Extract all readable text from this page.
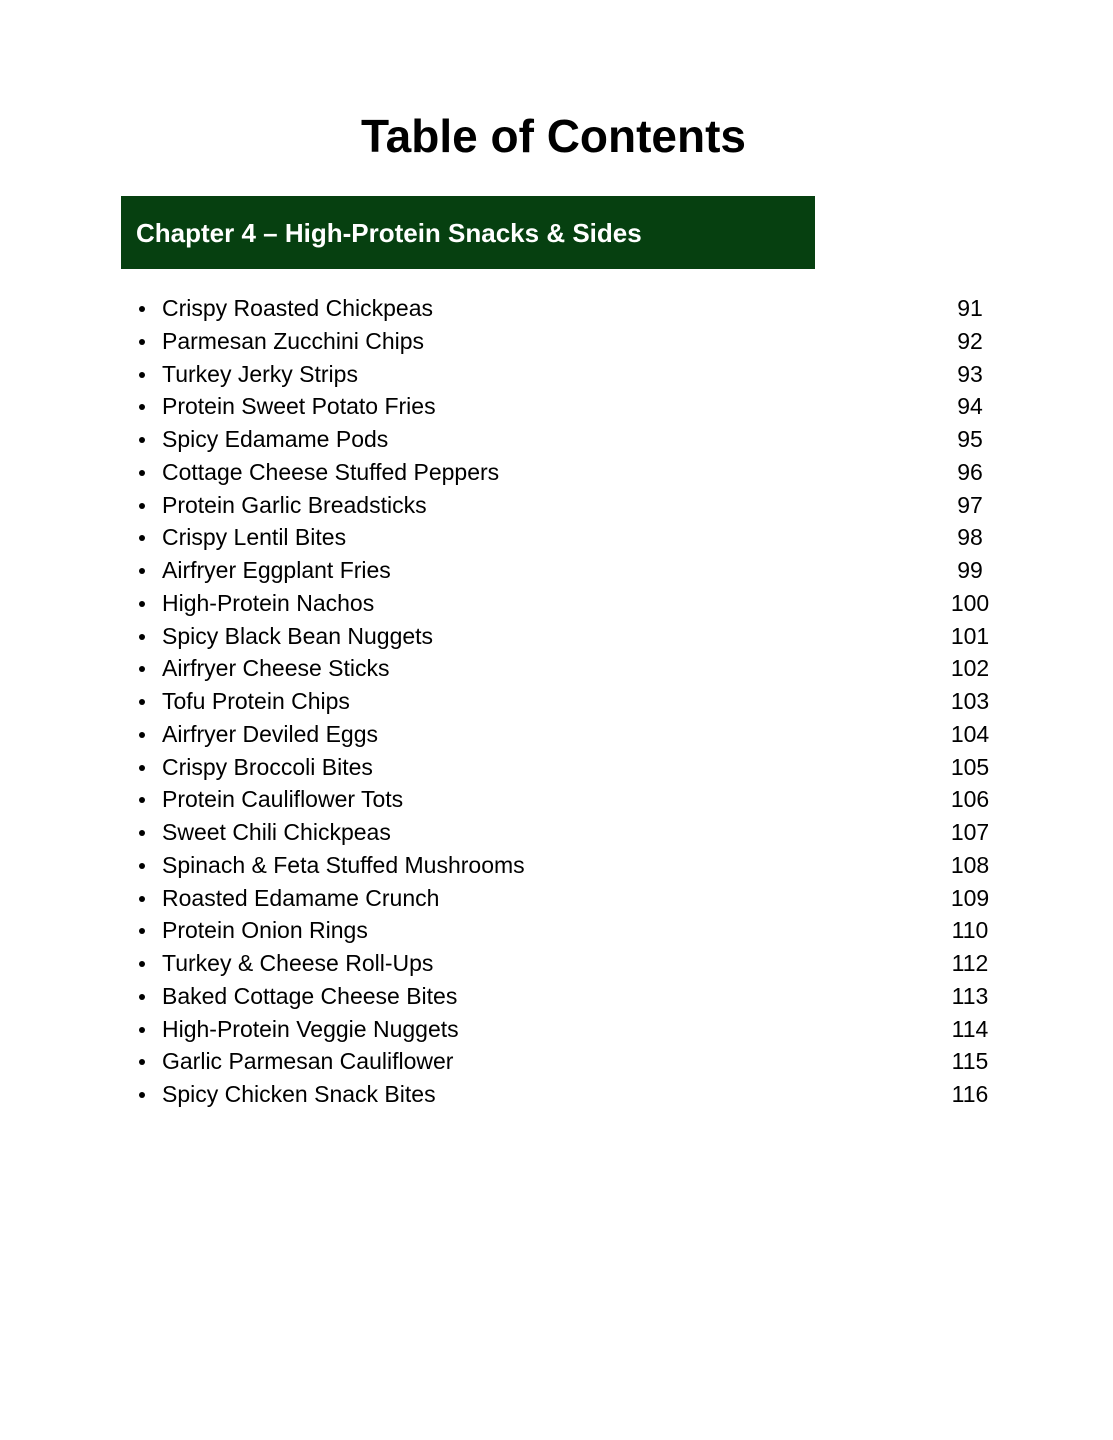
Table of Contents
Chapter 4 – High-Protein Snacks & Sides
Crispy Roasted Chickpeas	91
Parmesan Zucchini Chips	92
Turkey Jerky Strips	93
Protein Sweet Potato Fries	94
Spicy Edamame Pods	95
Cottage Cheese Stuffed Peppers	96
Protein Garlic Breadsticks	97
Crispy Lentil Bites	98
Airfryer Eggplant Fries	99
High-Protein Nachos	100
Spicy Black Bean Nuggets	101
Airfryer Cheese Sticks	102
Tofu Protein Chips	103
Airfryer Deviled Eggs	104
Crispy Broccoli Bites	105
Protein Cauliflower Tots	106
Sweet Chili Chickpeas	107
Spinach & Feta Stuffed Mushrooms	108
Roasted Edamame Crunch	109
Protein Onion Rings	110
Turkey & Cheese Roll-Ups	112
Baked Cottage Cheese Bites	113
High-Protein Veggie Nuggets	114
Garlic Parmesan Cauliflower	115
Spicy Chicken Snack Bites	116
